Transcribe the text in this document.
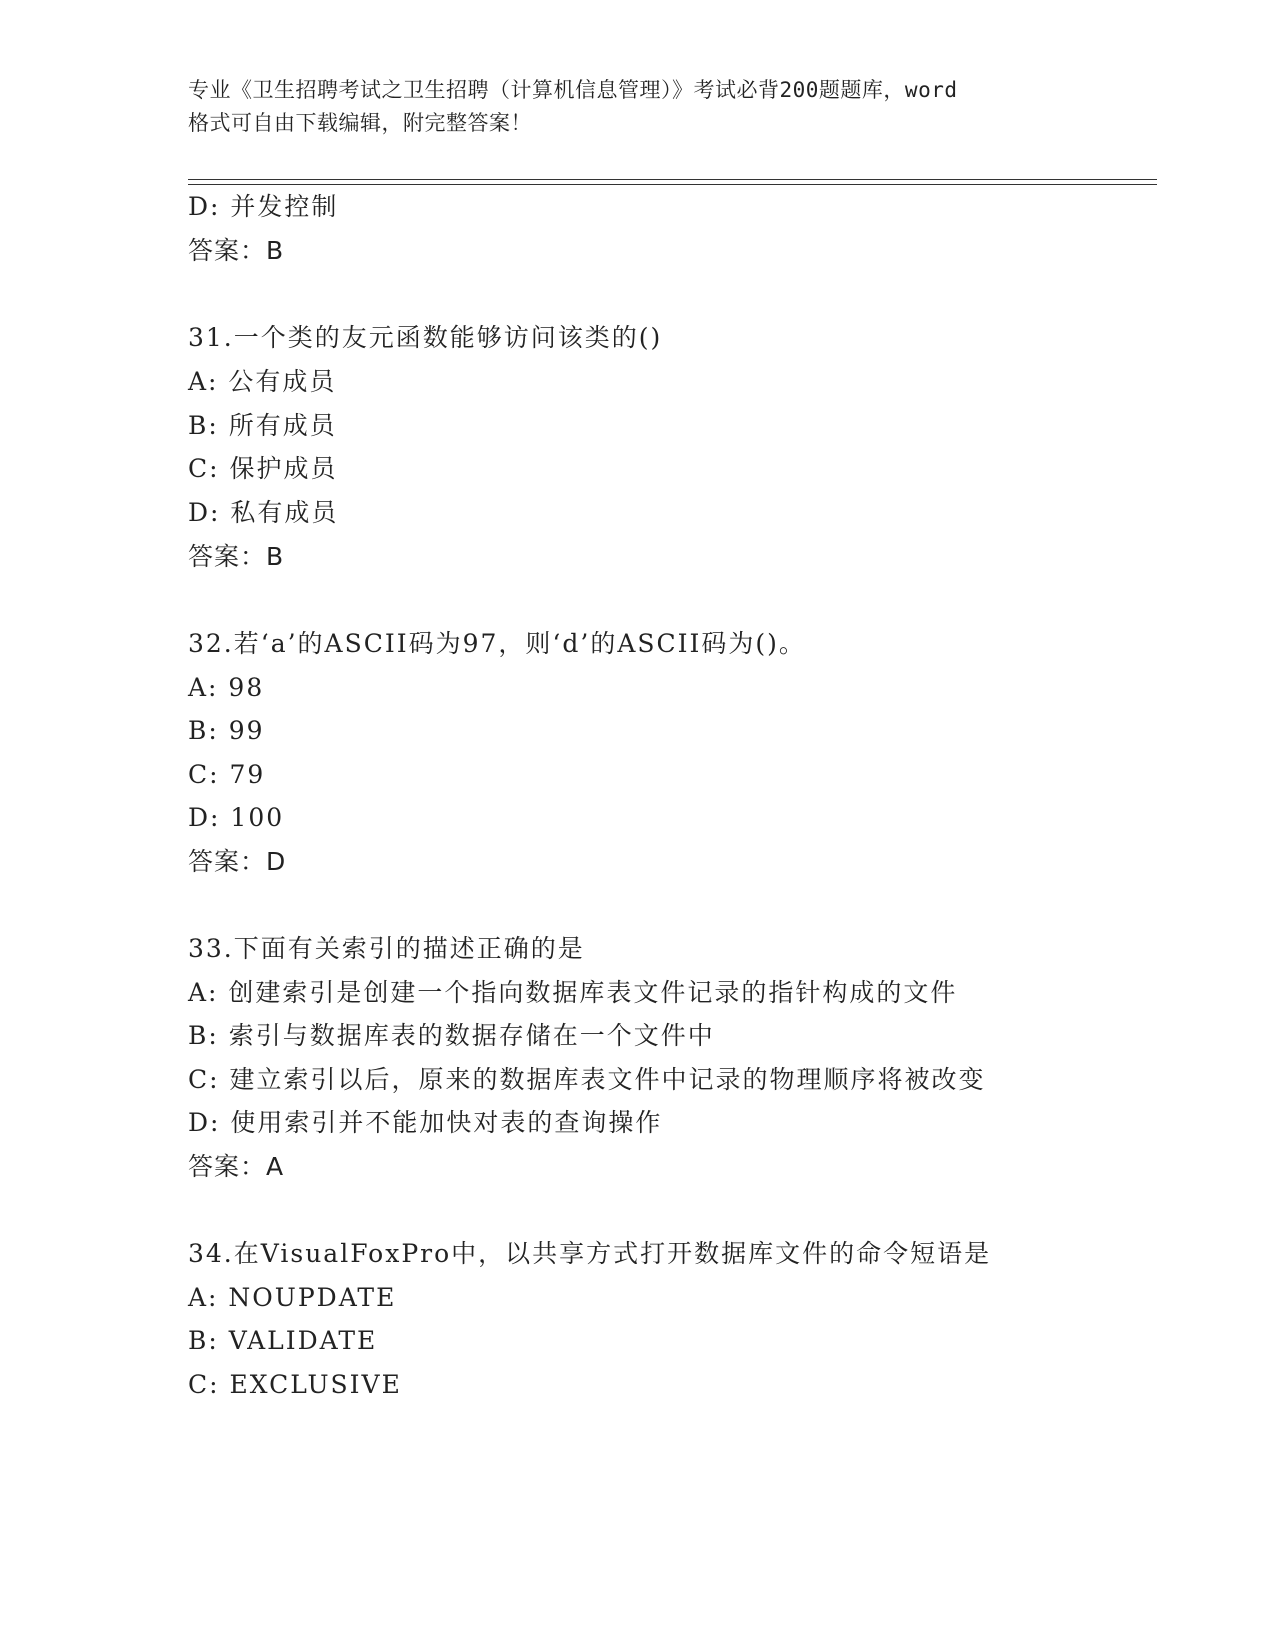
专业《卫生招聘考试之卫生招聘（计算机信息管理）》考试必背200题题库，word
格式可自由下载编辑，附完整答案！
D: 并发控制
答案：B
31.一个类的友元函数能够访问该类的()
A: 公有成员
B: 所有成员
C: 保护成员
D: 私有成员
答案：B
32.若‘a’的ASCII码为97，则‘d’的ASCII码为()。
A: 98
B: 99
C: 79
D: 100
答案：D
33.下面有关索引的描述正确的是
A: 创建索引是创建一个指向数据库表文件记录的指针构成的文件
B: 索引与数据库表的数据存储在一个文件中
C: 建立索引以后，原来的数据库表文件中记录的物理顺序将被改变
D: 使用索引并不能加快对表的查询操作
答案：A
34.在VisualFoxPro中，以共享方式打开数据库文件的命令短语是
A: NOUPDATE
B: VALIDATE
C: EXCLUSIVE
